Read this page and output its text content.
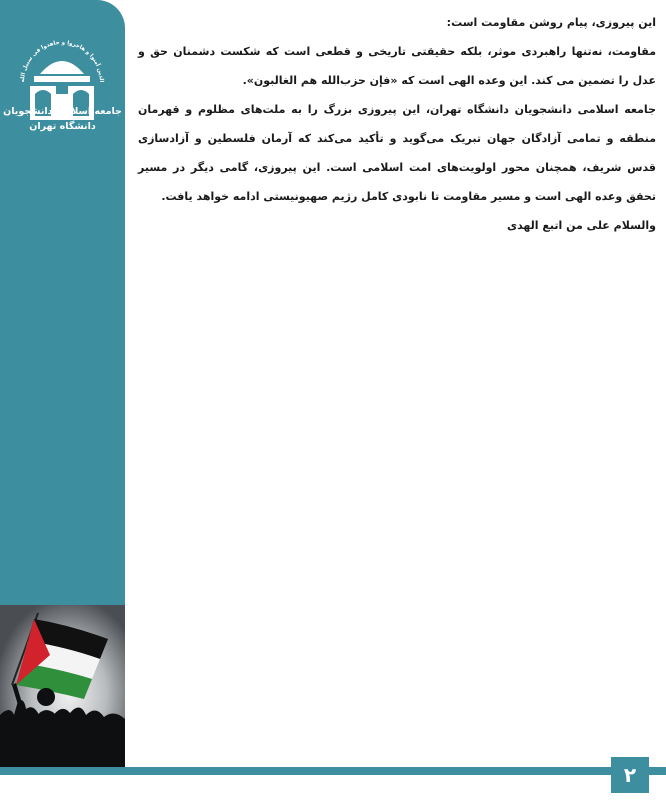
الذین آمنوا و هاجروا و جاهدوا فی سبیل الله
جامعه اسلامی دانشجویان
دانشگاه تهران

این پیروزی، پیام روشن مقاومت است:

مقاومت، نه‌تنها راهبردی موثر، بلکه حقیقتی تاریخی و قطعی است که شکست دشمنان حق و عدل را تضمین می کند. این وعده الهی است که «فإن حزب‌الله هم الغالبون».

جامعه اسلامی دانشجویان دانشگاه تهران، این پیروزی بزرگ را به ملت‌های مظلوم و قهرمان منطقه و تمامی آزادگان جهان تبریک می‌گوید و تأکید می‌کند که آرمان فلسطین و آزادسازی قدس شریف، همچنان محور اولویت‌های امت اسلامی است. این پیروزی، گامی دیگر در مسیر تحقق وعده الهی است و مسیر مقاومت تا نابودی کامل رژیم صهیونیستی ادامه خواهد یافت.

والسلام علی من اتبع الهدی

۲
